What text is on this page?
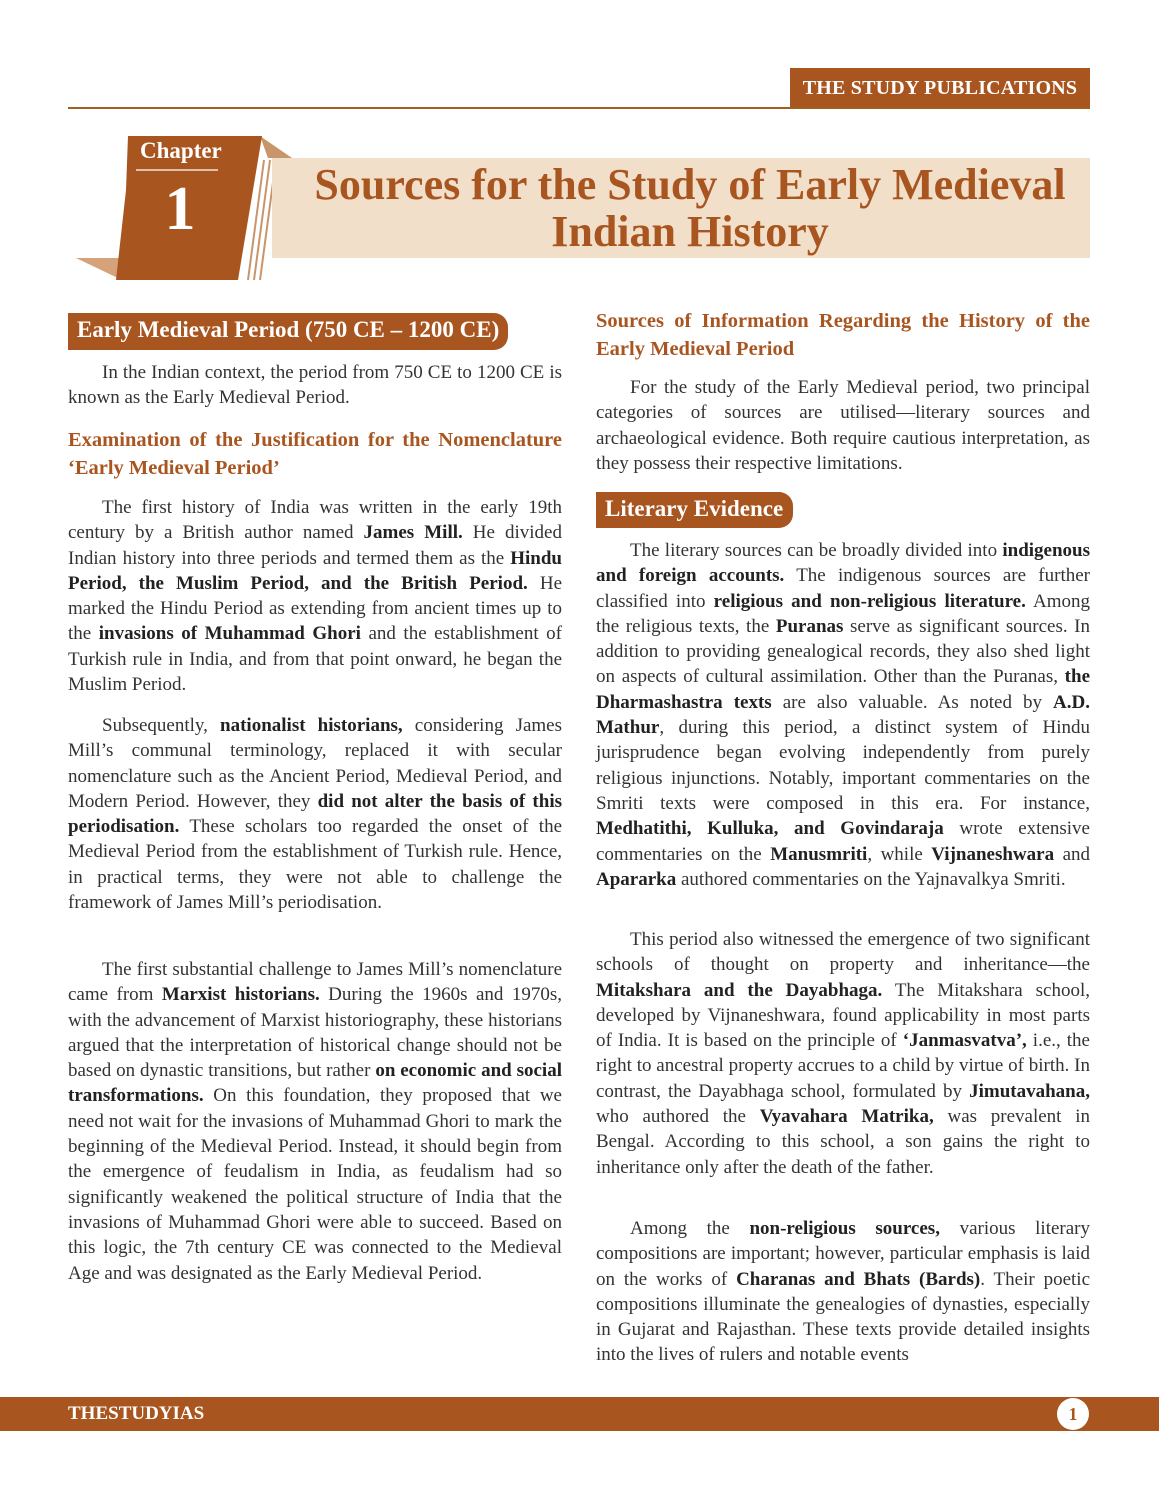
THE STUDY PUBLICATIONS
Chapter
1	Sources for the Study of Early Medieval
Indian History
Early Medieval Period (750 CE – 1200 CE)

In the Indian context, the period from 750 CE to 1200 CE is known as the Early Medieval Period.

Examination of the Justification for the Nomenclature ‘Early Medieval Period’

The first history of India was written in the early 19th century by a British author named James Mill. He divided Indian history into three periods and termed them as the Hindu Period, the Muslim Period, and the British Period. He marked the Hindu Period as extending from ancient times up to the invasions of Muhammad Ghori and the establishment of Turkish rule in India, and from that point onward, he began the Muslim Period.

Subsequently, nationalist historians, considering James Mill’s communal terminology, replaced it with secular nomenclature such as the Ancient Period, Medieval Period, and Modern Period. However, they did not alter the basis of this periodisation. These scholars too regarded the onset of the Medieval Period from the establishment of Turkish rule. Hence, in practical terms, they were not able to challenge the framework of James Mill’s periodisation.

The first substantial challenge to James Mill’s nomenclature came from Marxist historians. During the 1960s and 1970s, with the advancement of Marxist historiography, these historians argued that the interpretation of historical change should not be based on dynastic transitions, but rather on economic and social transformations. On this foundation, they proposed that we need not wait for the invasions of Muhammad Ghori to mark the beginning of the Medieval Period. Instead, it should begin from the emergence of feudalism in India, as feudalism had so significantly weakened the political structure of India that the invasions of Muhammad Ghori were able to succeed. Based on this logic, the 7th century CE was connected to the Medieval Age and was designated as the Early Medieval Period.

Sources of Information Regarding the History of the Early Medieval Period

For the study of the Early Medieval period, two principal categories of sources are utilised—literary sources and archaeological evidence. Both require cautious interpretation, as they possess their respective limitations.

Literary Evidence

The literary sources can be broadly divided into indigenous and foreign accounts. The indigenous sources are further classified into religious and non-religious literature. Among the religious texts, the Puranas serve as significant sources. In addition to providing genealogical records, they also shed light on aspects of cultural assimilation. Other than the Puranas, the Dharmashastra texts are also valuable. As noted by A.D. Mathur, during this period, a distinct system of Hindu jurisprudence began evolving independently from purely religious injunctions. Notably, important commentaries on the Smriti texts were composed in this era. For instance, Medhatithi, Kulluka, and Govindaraja wrote extensive commentaries on the Manusmriti, while Vijnaneshwara and Apararka authored commentaries on the Yajnavalkya Smriti.

This period also witnessed the emergence of two significant schools of thought on property and inheritance—the Mitakshara and the Dayabhaga. The Mitakshara school, developed by Vijnaneshwara, found applicability in most parts of India. It is based on the principle of ‘Janmasvatva’, i.e., the right to ancestral property accrues to a child by virtue of birth. In contrast, the Dayabhaga school, formulated by Jimutavahana, who authored the Vyavahara Matrika, was prevalent in Bengal. According to this school, a son gains the right to inheritance only after the death of the father.

Among the non-religious sources, various literary compositions are important; however, particular emphasis is laid on the works of Charanas and Bhats (Bards). Their poetic compositions illuminate the genealogies of dynasties, especially in Gujarat and Rajasthan. These texts provide detailed insights into the lives of rulers and notable events

THESTUDYIAS	1
